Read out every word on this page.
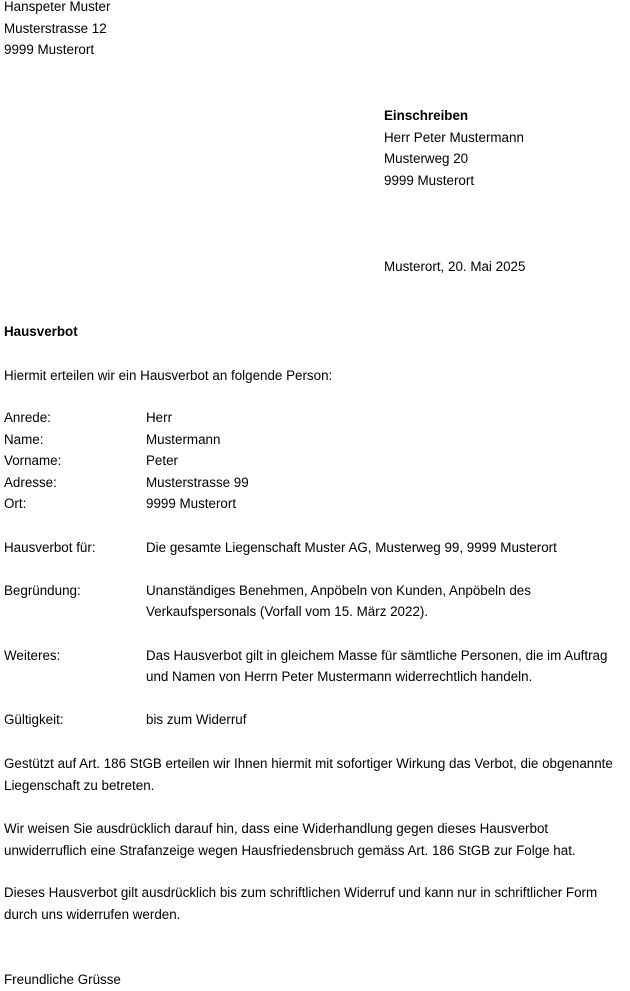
Hanspeter Muster
Musterstrasse 12
9999 Musterort
Einschreiben
Herr Peter Mustermann
Musterweg 20
9999 Musterort
Musterort, 20. Mai 2025
Hausverbot
Hiermit erteilen wir ein Hausverbot an folgende Person:
Anrede:	Herr
Name:	Mustermann
Vorname:	Peter
Adresse:	Musterstrasse 99
Ort:	9999 Musterort
Hausverbot für:	Die gesamte Liegenschaft Muster AG, Musterweg 99, 9999 Musterort
Begründung:	Unanständiges Benehmen, Anpöbeln von Kunden, Anpöbeln des
Verkaufspersonals (Vorfall vom 15. März 2022).
Weiteres:	Das Hausverbot gilt in gleichem Masse für sämtliche Personen, die im Auftrag
und Namen von Herrn Peter Mustermann widerrechtlich handeln.
Gültigkeit:	bis zum Widerruf
Gestützt auf Art. 186 StGB erteilen wir Ihnen hiermit mit sofortiger Wirkung das Verbot, die obgenannte
Liegenschaft zu betreten.
Wir weisen Sie ausdrücklich darauf hin, dass eine Widerhandlung gegen dieses Hausverbot
unwiderruflich eine Strafanzeige wegen Hausfriedensbruch gemäss Art. 186 StGB zur Folge hat.
Dieses Hausverbot gilt ausdrücklich bis zum schriftlichen Widerruf und kann nur in schriftlicher Form
durch uns widerrufen werden.
Freundliche Grüsse
